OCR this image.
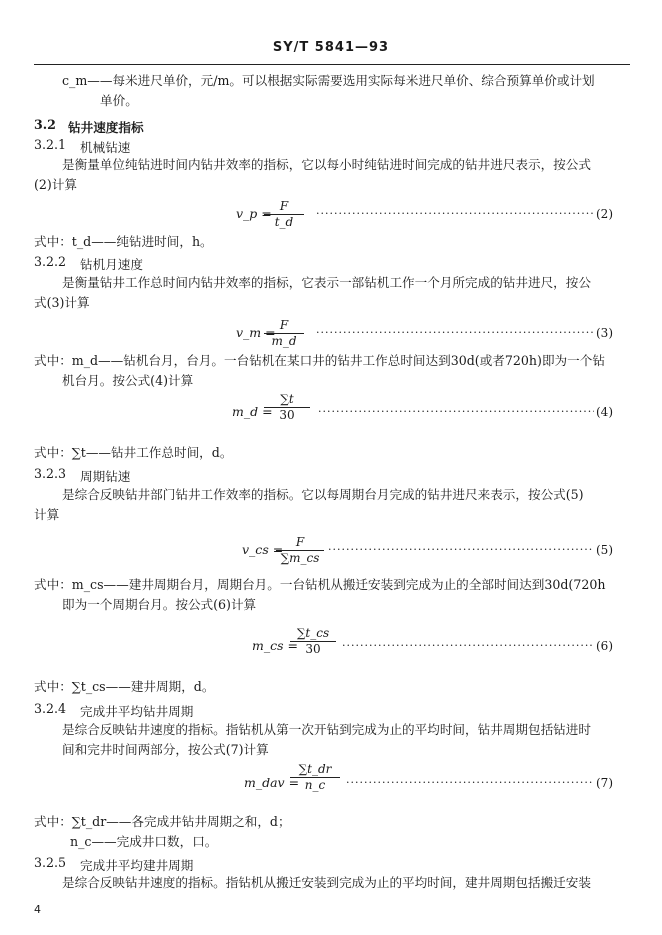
SY/T 5841—93
c_m——每米进尺单价，元/m。可以根据实际需要选用实际每米进尺单价、综合预算单价或计划
单价。
3.2 钻井速度指标
3.2.1 机械钻速
是衡量单位纯钻进时间内钻井效率的指标，它以每小时纯钻进时间完成的钻井进尺表示，按公式
(2)计算
v_p = F
t_d
·····
(2)
式中：t_d——纯钻进时间，h。
3.2.2 钻机月速度
是衡量钻井工作总时间内钻井效率的指标，它表示一部钻机工作一个月所完成的钻井进尺，按公
式(3)计算
v_m = F
m_d
·····
(3)
式中：m_d——钻机台月，台月。一台钻机在某口井的钻井工作总时间达到30d(或者720h)即为一个钻
机台月。按公式(4)计算
m_d =
∑t
30 ·····	(4)
式中：∑t——钻井工作总时间，d。
3.2.3 周期钻速
是综合反映钻井部门钻井工作效率的指标。它以每周期台月完成的钻井进尺来表示，按公式(5)
计算
v_cs = F
∑m_cs
·····
(5)
式中：m_cs——建井周期台月，周期台月。一台钻机从搬迁安装到完成为止的全部时间达到30d(720h
即为一个周期台月。按公式(6)计算
m_cs =
∑t_cs
30 ·····	(6)
式中：∑t_cs——建井周期，d。
3.2.4 完成井平均钻井周期
是综合反映钻井速度的指标。指钻机从第一次开钻到完成为止的平均时间，钻井周期包括钻进时
间和完井时间两部分，按公式(7)计算
m_dav =
∑t_dr
n_c ·····	(7)
式中：∑t_dr——各完成井钻井周期之和，d；
n_c——完成井口数，口。
3.2.5 完成井平均建井周期
是综合反映钻井速度的指标。指钻机从搬迁安装到完成为止的平均时间，建井周期包括搬迁安装
4
